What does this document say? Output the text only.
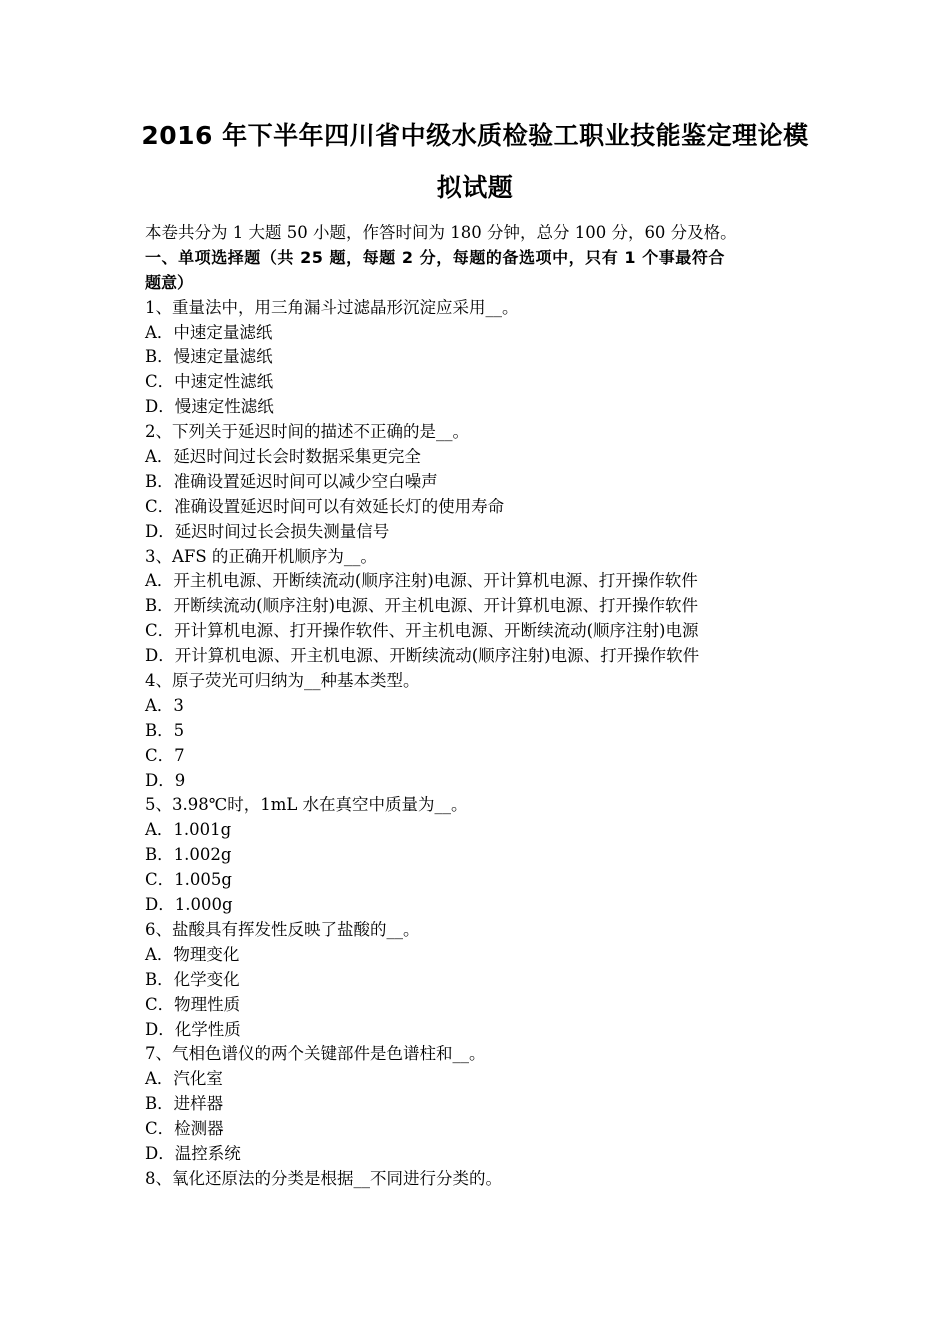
2016 年下半年四川省中级水质检验工职业技能鉴定理论模
拟试题
本卷共分为 1 大题 50 小题，作答时间为 180 分钟，总分 100 分，60 分及格。
一、单项选择题（共 25 题，每题 2 分，每题的备选项中，只有 1 个事最符合
题意）
1、重量法中，用三角漏斗过滤晶形沉淀应采用__。
A．中速定量滤纸
B．慢速定量滤纸
C．中速定性滤纸
D．慢速定性滤纸
2、下列关于延迟时间的描述不正确的是__。
A．延迟时间过长会时数据采集更完全
B．准确设置延迟时间可以减少空白噪声
C．准确设置延迟时间可以有效延长灯的使用寿命
D．延迟时间过长会损失测量信号
3、AFS 的正确开机顺序为__。
A．开主机电源、开断续流动(顺序注射)电源、开计算机电源、打开操作软件
B．开断续流动(顺序注射)电源、开主机电源、开计算机电源、打开操作软件
C．开计算机电源、打开操作软件、开主机电源、开断续流动(顺序注射)电源
D．开计算机电源、开主机电源、开断续流动(顺序注射)电源、打开操作软件
4、原子荧光可归纳为__种基本类型。
A．3
B．5
C．7
D．9
5、3.98℃时，1mL 水在真空中质量为__。
A．1.001g
B．1.002g
C．1.005g
D．1.000g
6、盐酸具有挥发性反映了盐酸的__。
A．物理变化
B．化学变化
C．物理性质
D．化学性质
7、气相色谱仪的两个关键部件是色谱柱和__。
A．汽化室
B．进样器
C．检测器
D．温控系统
8、氧化还原法的分类是根据__不同进行分类的。
